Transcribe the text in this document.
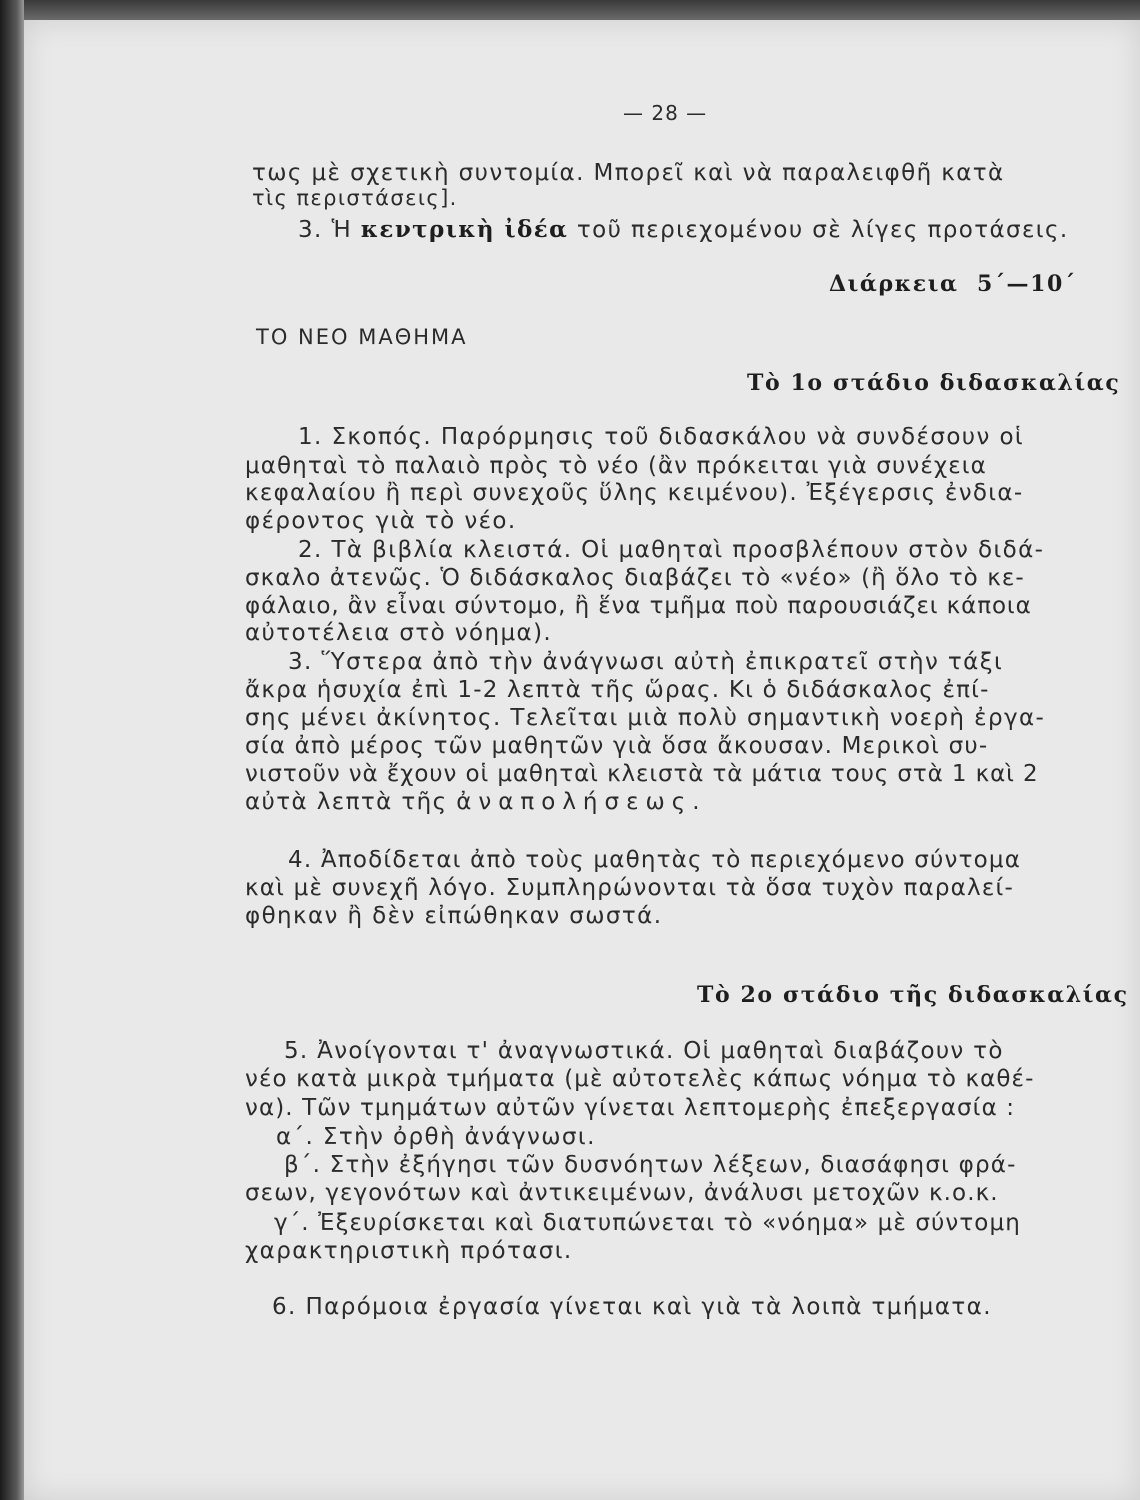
— 28 —
τως μὲ σχετικὴ συντομία. Μπορεῖ καὶ νὰ παραλειφθῆ κατὰ
τὶς περιστάσεις].
3. Ἡ κεντρικὴ ἰδέα τοῦ περιεχομένου σὲ λίγες προτάσεις.
Διάρκεια 5΄—10΄
ΤΟ ΝΕΟ ΜΑΘΗΜΑ
Τὸ 1ο στάδιο διδασκαλίας
1. Σκοπός. Παρόρμησις τοῦ διδασκάλου νὰ συνδέσουν οἱ
μαθηταὶ τὸ παλαιὸ πρὸς τὸ νέο (ἂν πρόκειται γιὰ συνέχεια
κεφαλαίου ἢ περὶ συνεχοῦς ὕλης κειμένου). Ἐξέγερσις ἐνδια-
φέροντος γιὰ τὸ νέο.
2. Τὰ βιβλία κλειστά. Οἱ μαθηταὶ προσβλέπουν στὸν διδά-
σκαλο ἀτενῶς. Ὁ διδάσκαλος διαβάζει τὸ «νέο» (ἢ ὅλο τὸ κε-
φάλαιο, ἂν εἶναι σύντομο, ἢ ἕνα τμῆμα ποὺ παρουσιάζει κάποια
αὐτοτέλεια στὸ νόημα).
3. Ὕστερα ἀπὸ τὴν ἀνάγνωσι αὐτὴ ἐπικρατεῖ στὴν τάξι
ἄκρα ἡσυχία ἐπὶ 1-2 λεπτὰ τῆς ὥρας. Κι ὁ διδάσκαλος ἐπί-
σης μένει ἀκίνητος. Τελεῖται μιὰ πολὺ σημαντικὴ νοερὴ ἐργα-
σία ἀπὸ μέρος τῶν μαθητῶν γιὰ ὅσα ἄκουσαν. Μερικοὶ συ-
νιστοῦν νὰ ἔχουν οἱ μαθηταὶ κλειστὰ τὰ μάτια τους στὰ 1 καὶ 2
αὐτὰ λεπτὰ τῆς ἀναπολήσεως.
4. Ἀποδίδεται ἀπὸ τοὺς μαθητὰς τὸ περιεχόμενο σύντομα
καὶ μὲ συνεχῆ λόγο. Συμπληρώνονται τὰ ὅσα τυχὸν παραλεί-
φθηκαν ἢ δὲν εἰπώθηκαν σωστά.
Τὸ 2ο στάδιο τῆς διδασκαλίας
5. Ἀνοίγονται τ' ἀναγνωστικά. Οἱ μαθηταὶ διαβάζουν τὸ
νέο κατὰ μικρὰ τμήματα (μὲ αὐτοτελὲς κάπως νόημα τὸ καθέ-
να). Τῶν τμημάτων αὐτῶν γίνεται λεπτομερὴς ἐπεξεργασία :
α΄. Στὴν ὀρθὴ ἀνάγνωσι.
β΄. Στὴν ἐξήγησι τῶν δυσνόητων λέξεων, διασάφησι φρά-
σεων, γεγονότων καὶ ἀντικειμένων, ἀνάλυσι μετοχῶν κ.ο.κ.
γ΄. Ἐξευρίσκεται καὶ διατυπώνεται τὸ «νόημα» μὲ σύντομη
χαρακτηριστικὴ πρότασι.
6. Παρόμοια ἐργασία γίνεται καὶ γιὰ τὰ λοιπὰ τμήματα.
